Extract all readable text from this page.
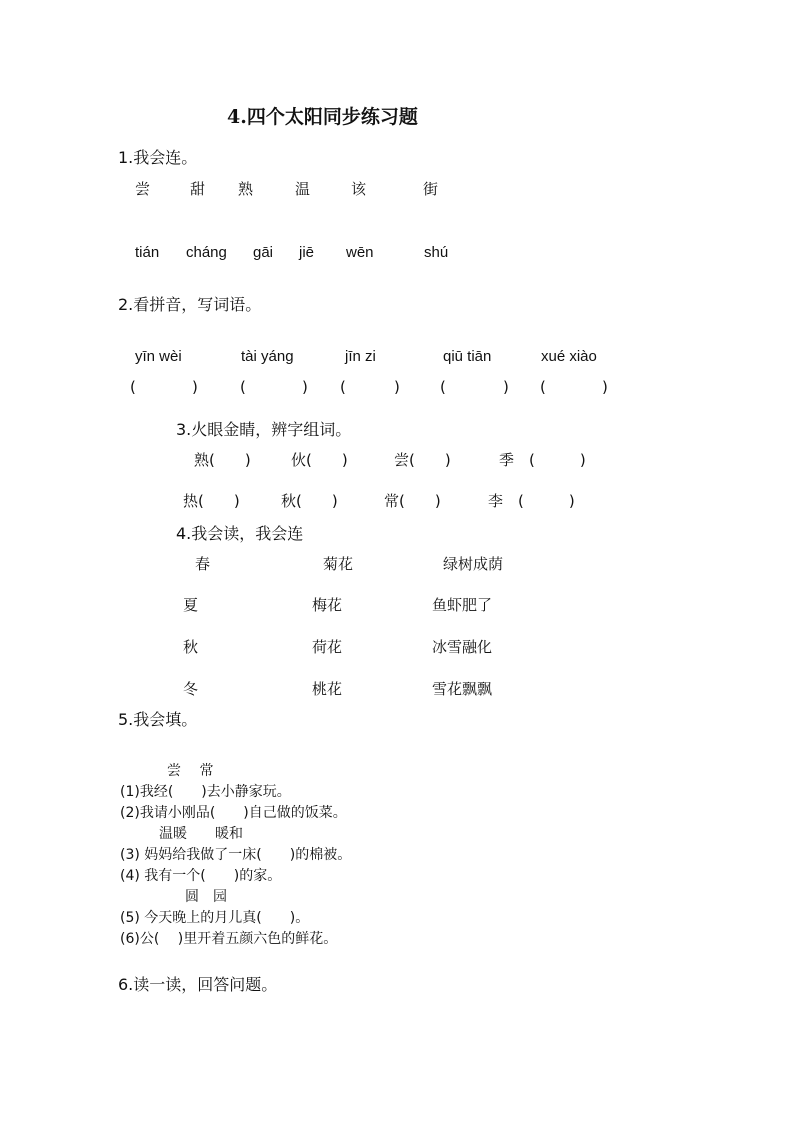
4.四个太阳同步练习题
1.我会连。
尝	甜 熟	温	该	街
tián cháng gāi jiē wēn	shú
2.看拼音，写词语。
yīn wèi	tài yáng	jīn zi	qiū tiān	xué xiào
(	)	(	) (	)	(	) (	)
3.火眼金睛，辨字组词。
熟(　　)	伙(　　)	尝(　　)	季　(　　　)
热(　　)	秋(　　)	常(　　)	李　(　　　)
4.我会读，我会连
春	菊花	绿树成荫
夏	梅花	鱼虾肥了
秋	荷花	冰雪融化
冬	桃花	雪花飘飘
5.我会填。
尝　 常
(1)我经(　　)去小静家玩。
(2)我请小刚品(　　)自己做的饭菜。
温暖　　暖和
(3) 妈妈给我做了一床(　　)的棉被。
(4) 我有一个(　　)的家。
圆　园
(5) 今天晚上的月儿真(　　)。
(6)公(　 )里开着五颜六色的鲜花。
6.读一读，回答问题。
